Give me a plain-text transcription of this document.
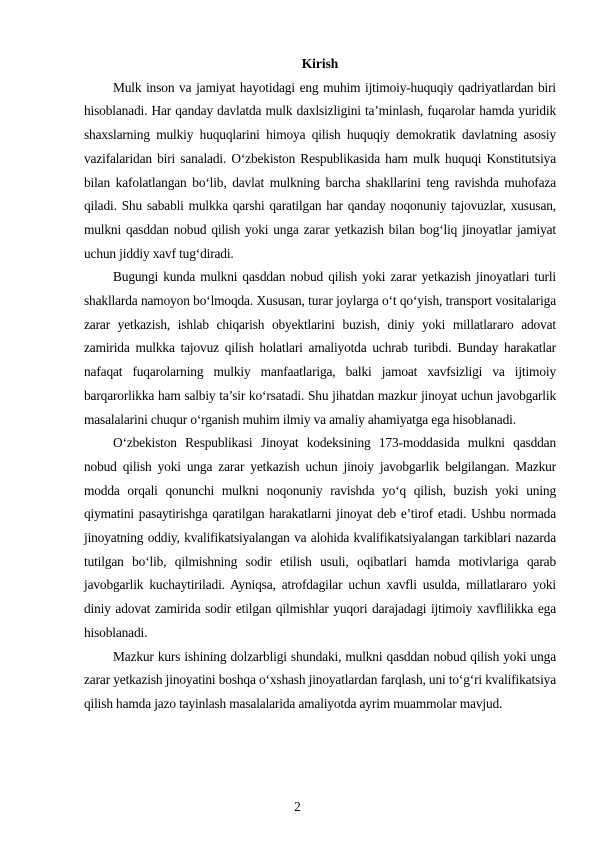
Kirish

Mulk inson va jamiyat hayotidagi eng muhim ijtimoiy-huquqiy qadriyatlardan biri hisoblanadi. Har qanday davlatda mulk daxlsizligini ta’minlash, fuqarolar hamda yuridik shaxslarning mulkiy huquqlarini himoya qilish huquqiy demokratik davlatning asosiy vazifalaridan biri sanaladi. O‘zbekiston Respublikasida ham mulk huquqi Konstitutsiya bilan kafolatlangan bo‘lib, davlat mulkning barcha shakllarini teng ravishda muhofaza qiladi. Shu sababli mulkka qarshi qaratilgan har qanday noqonuniy tajovuzlar, xususan, mulkni qasddan nobud qilish yoki unga zarar yetkazish bilan bog‘liq jinoyatlar jamiyat uchun jiddiy xavf tug‘diradi.

Bugungi kunda mulkni qasddan nobud qilish yoki zarar yetkazish jinoyatlari turli shakllarda namoyon bo‘lmoqda. Xususan, turar joylarga o‘t qo‘yish, transport vositalariga zarar yetkazish, ishlab chiqarish obyektlarini buzish, diniy yoki millatlararo adovat zamirida mulkka tajovuz qilish holatlari amaliyotda uchrab turibdi. Bunday harakatlar nafaqat fuqarolarning mulkiy manfaatlariga, balki jamoat xavfsizligi va ijtimoiy barqarorlikka ham salbiy ta’sir ko‘rsatadi. Shu jihatdan mazkur jinoyat uchun javobgarlik masalalarini chuqur o‘rganish muhim ilmiy va amaliy ahamiyatga ega hisoblanadi.

O‘zbekiston Respublikasi Jinoyat kodeksining 173-moddasida mulkni qasddan nobud qilish yoki unga zarar yetkazish uchun jinoiy javobgarlik belgilangan. Mazkur modda orqali qonunchi mulkni noqonuniy ravishda yo‘q qilish, buzish yoki uning qiymatini pasaytirishga qaratilgan harakatlarni jinoyat deb e’tirof etadi. Ushbu normada jinoyatning oddiy, kvalifikatsiyalangan va alohida kvalifikatsiyalangan tarkiblari nazarda tutilgan bo‘lib, qilmishning sodir etilish usuli, oqibatlari hamda motivlariga qarab javobgarlik kuchaytiriladi. Ayniqsa, atrofdagilar uchun xavfli usulda, millatlararo yoki diniy adovat zamirida sodir etilgan qilmishlar yuqori darajadagi ijtimoiy xavflilikka ega hisoblanadi.

Mazkur kurs ishining dolzarbligi shundaki, mulkni qasddan nobud qilish yoki unga zarar yetkazish jinoyatini boshqa o‘xshash jinoyatlardan farqlash, uni to‘g‘ri kvalifikatsiya qilish hamda jazo tayinlash masalalarida amaliyotda ayrim muammolar mavjud.

2
